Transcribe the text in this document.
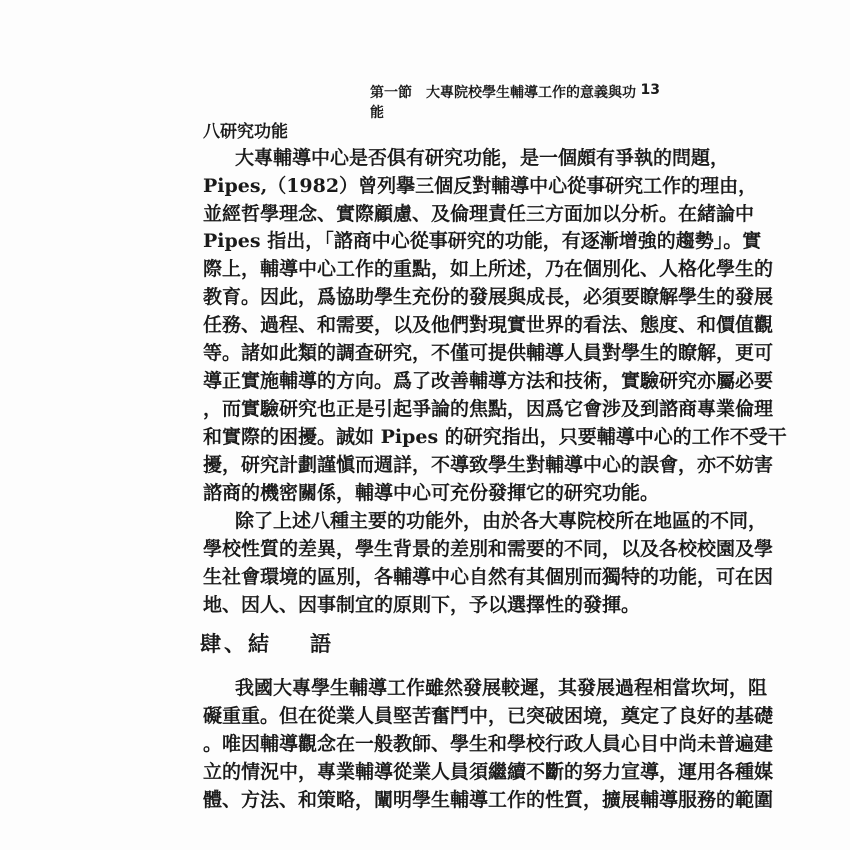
第一節　大專院校學生輔導工作的意義與功能
13
八研究功能
大專輔導中心是否俱有研究功能，是一個頗有爭執的問題，
Pipes,（1982）曾列擧三個反對輔導中心從事研究工作的理由，
並經哲學理念、實際顧慮、及倫理責任三方面加以分析。在緒論中
Pipes 指出，「諮商中心從事研究的功能，有逐漸增強的趨勢」。實
際上，輔導中心工作的重點，如上所述，乃在個別化、人格化學生的
教育。因此，爲協助學生充份的發展與成長，必須要瞭解學生的發展
任務、過程、和需要，以及他們對現實世界的看法、態度、和價值觀
等。諸如此類的調查研究，不僅可提供輔導人員對學生的瞭解，更可
導正實施輔導的方向。爲了改善輔導方法和技術，實驗研究亦屬必要
，而實驗研究也正是引起爭論的焦點，因爲它會涉及到諮商專業倫理
和實際的困擾。誠如 Pipes 的研究指出，只要輔導中心的工作不受干
擾，研究計劃謹愼而週詳，不導致學生對輔導中心的誤會，亦不妨害
諮商的機密關係，輔導中心可充份發揮它的研究功能。
除了上述八種主要的功能外，由於各大專院校所在地區的不同，
學校性質的差異，學生背景的差別和需要的不同，以及各校校園及學
生社會環境的區別，各輔導中心自然有其個別而獨特的功能，可在因
地、因人、因事制宜的原則下，予以選擇性的發揮。
肆、結 語
我國大專學生輔導工作雖然發展較遲，其發展過程相當坎坷，阻
礙重重。但在從業人員堅苦奮鬥中，已突破困境，奠定了良好的基礎
。唯因輔導觀念在一般教師、學生和學校行政人員心目中尚未普遍建
立的情況中，專業輔導從業人員須繼續不斷的努力宣導，運用各種媒
體、方法、和策略，闡明學生輔導工作的性質，擴展輔導服務的範圍
